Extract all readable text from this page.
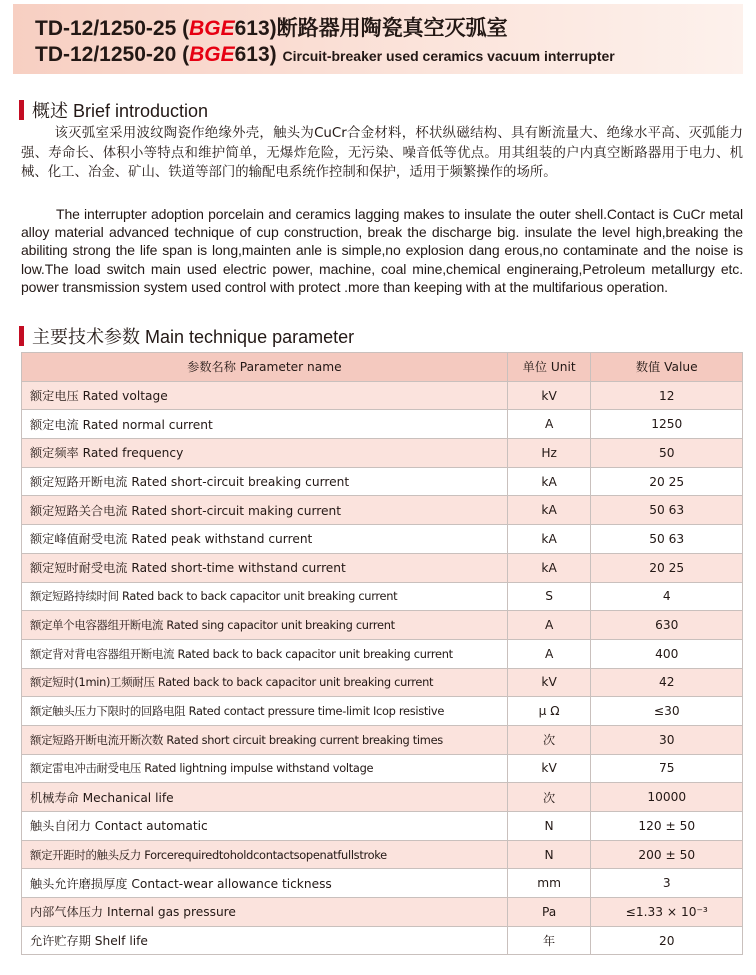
TD-12/1250-25 (BGE613)断路器用陶瓷真空灭弧室
TD-12/1250-20 (BGE613) Circuit-breaker used ceramics vacuum interrupter
概述 Brief introduction

该灭弧室采用波纹陶瓷作绝缘外壳，触头为CuCr合金材料，杯状纵磁结构、具有断流量大、绝缘水平高、灭弧能力强、寿命长、体积小等特点和维护简单，无爆炸危险，无污染、噪音低等优点。用其组装的户内真空断路器用于电力、机械、化工、冶金、矿山、铁道等部门的输配电系统作控制和保护，适用于频繁操作的场所。

The interrupter adoption porcelain and ceramics lagging makes to insulate the outer shell.Contact is CuCr metal alloy material advanced technique of cup construction, break the discharge big. insulate the level high,breaking the abiliting strong the life span is long,mainten anle is simple,no explosion dang erous,no contaminate and the noise is low.The load switch main used electric power, machine, coal mine,chemical engineraing,Petroleum metallurgy etc. power transmission system used control with protect .more than keeping with at the multifarious operation.

主要技术参数 Main technique parameter
参数名称 Parameter name	单位 Unit	数值 Value
额定电压 Rated voltage	kV	12
额定电流 Rated normal current	A	1250
额定频率 Rated frequency	Hz	50
额定短路开断电流 Rated short-circuit breaking current	kA	20 25
额定短路关合电流 Rated short-circuit making current	kA	50 63
额定峰值耐受电流 Rated peak withstand current	kA	50 63
额定短时耐受电流 Rated short-time withstand current	kA	20 25
额定短路持续时间 Rated back to back capacitor unit breaking current	S	4
额定单个电容器组开断电流 Rated sing capacitor unit breaking current	A	630
额定背对背电容器组开断电流 Rated back to back capacitor unit breaking current	A	400
额定短时(1min)工频耐压 Rated back to back capacitor unit breaking current	kV	42
额定触头压力下限时的回路电阻 Rated contact pressure time-limit Icop resistive	μ Ω	≤30
额定短路开断电流开断次数 Rated short circuit breaking current breaking times	次	30
额定雷电冲击耐受电压 Rated lightning impulse withstand voltage	kV	75
机械寿命 Mechanical life	次	10000
触头自闭力 Contact automatic	N	120 ± 50
额定开距时的触头反力 Forcerequiredtoholdcontactsopenatfullstroke	N	200 ± 50
触头允许磨损厚度 Contact-wear allowance tickness	mm	3
内部气体压力 Internal gas pressure	Pa	≤1.33 × 10⁻³
允许贮存期 Shelf life	年	20
